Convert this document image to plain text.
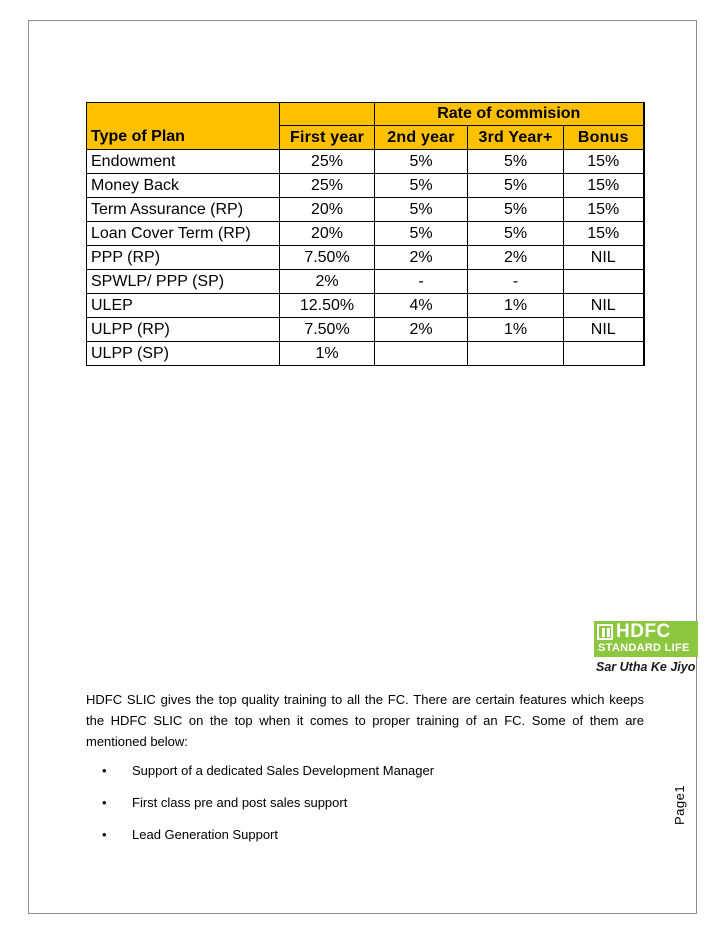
		Rate of commision		
Type of Plan	First year	2nd year	3rd Year+	Bonus
Endowment	25%	5%	5%	15%
Money Back	25%	5%	5%	15%
Term Assurance (RP)	20%	5%	5%	15%
Loan Cover Term (RP)	20%	5%	5%	15%
PPP (RP)	7.50%	2%	2%	NIL
SPWLP/ PPP (SP)	2%	-	-	
ULEP	12.50%	4%	1%	NIL
ULPP (RP)	7.50%	2%	1%	NIL
ULPP (SP)	1%			
HDFC
STANDARD LIFE
Sar Utha Ke Jiyo
HDFC SLIC gives the top quality training to all the FC. There are certain features which keeps the HDFC SLIC on the top when it comes to proper training of an FC. Some of them are mentioned below:
• Support of a dedicated Sales Development Manager
• First class pre and post sales support
• Lead Generation Support
Page1
